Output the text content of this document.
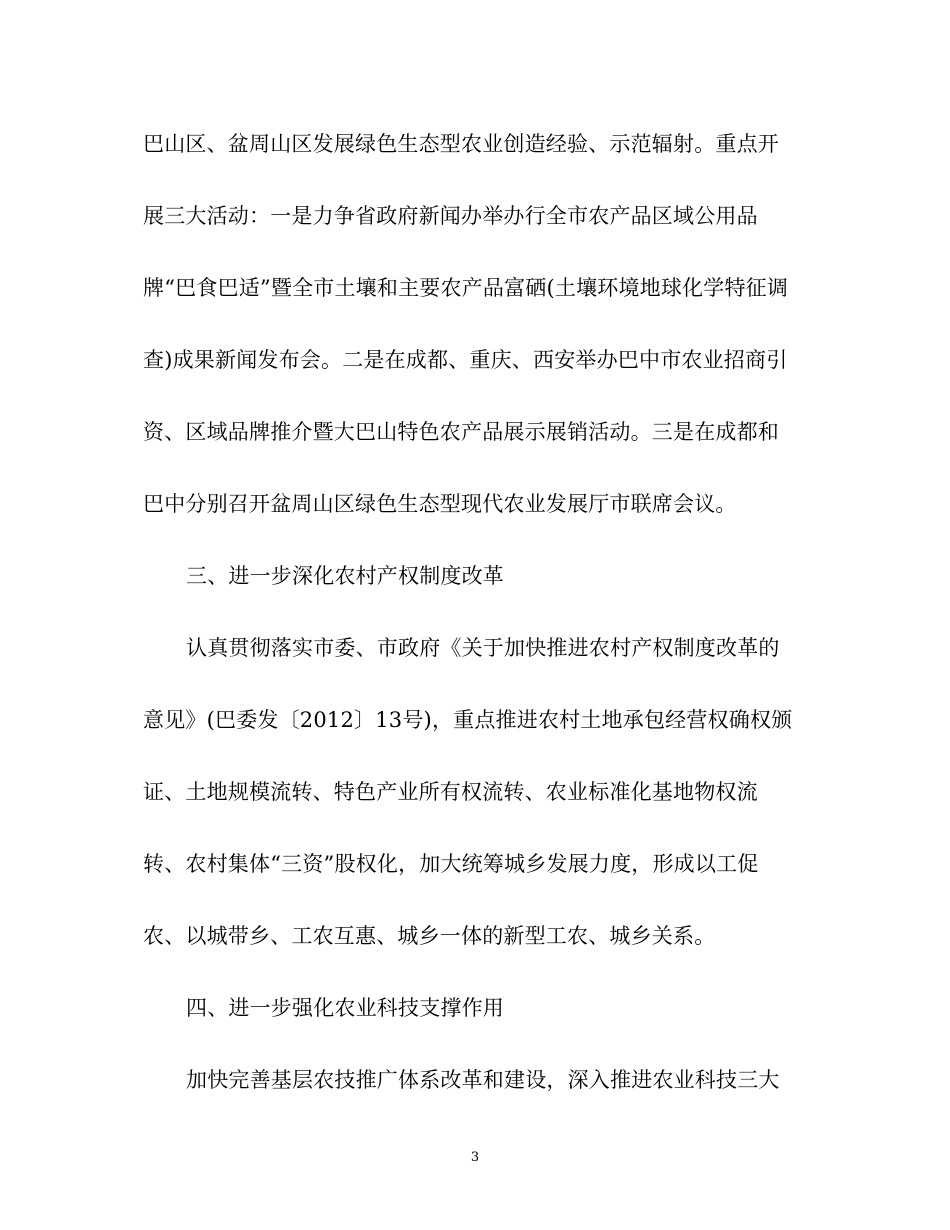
巴山区、盆周山区发展绿色生态型农业创造经验、示范辐射。重点开
展三大活动：一是力争省政府新闻办举办行全市农产品区域公用品
牌“巴食巴适”暨全市土壤和主要农产品富硒(土壤环境地球化学特征调
查)成果新闻发布会。二是在成都、重庆、西安举办巴中市农业招商引
资、区域品牌推介暨大巴山特色农产品展示展销活动。三是在成都和
巴中分别召开盆周山区绿色生态型现代农业发展厅市联席会议。
三、进一步深化农村产权制度改革
认真贯彻落实市委、市政府《关于加快推进农村产权制度改革的
意见》(巴委发〔2012〕13号)，重点推进农村土地承包经营权确权颁
证、土地规模流转、特色产业所有权流转、农业标准化基地物权流
转、农村集体“三资”股权化，加大统筹城乡发展力度，形成以工促
农、以城带乡、工农互惠、城乡一体的新型工农、城乡关系。
四、进一步强化农业科技支撑作用
加快完善基层农技推广体系改革和建设，深入推进农业科技三大
3
